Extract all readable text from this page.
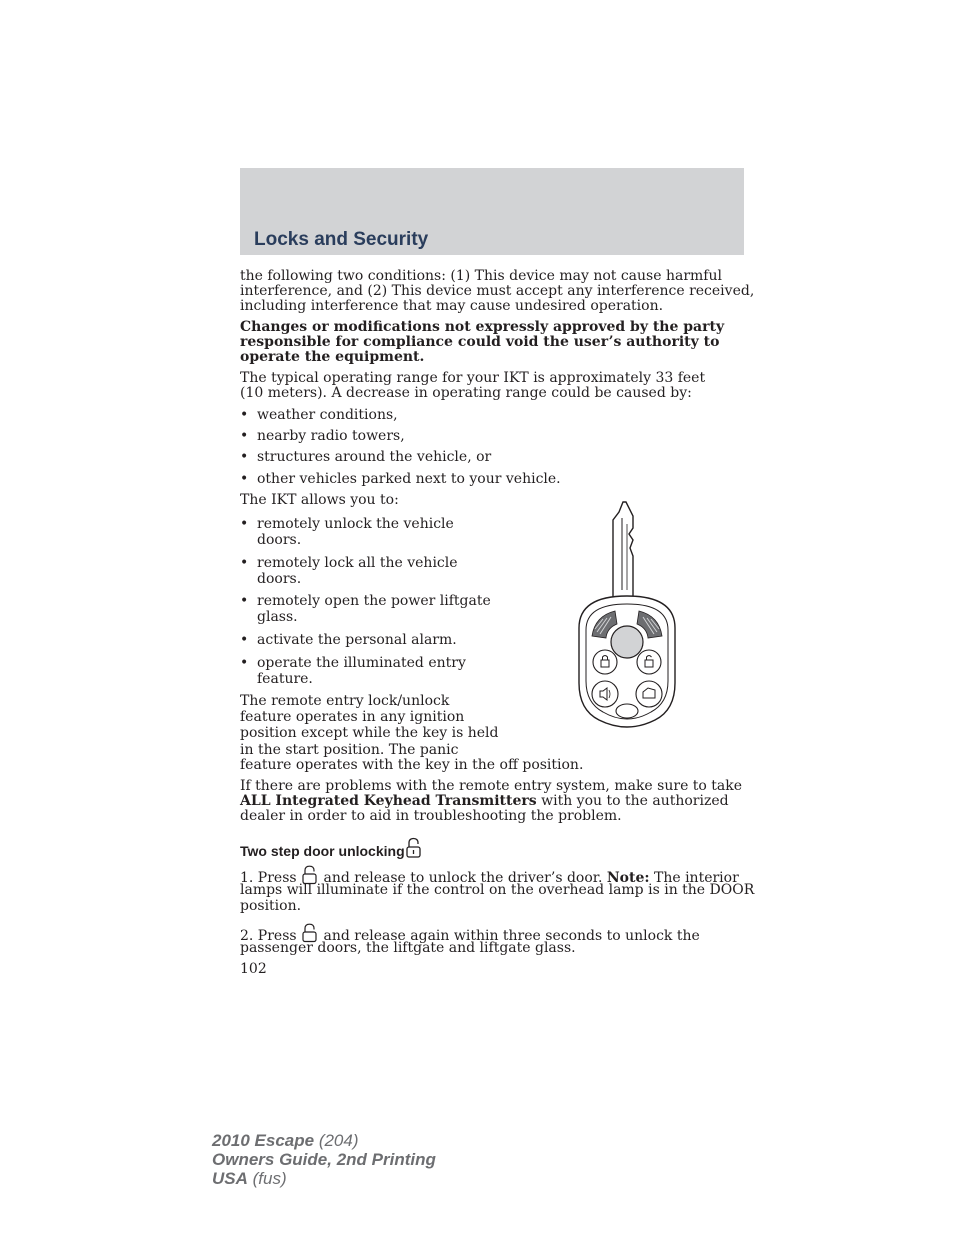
Locks and Security
the following two conditions: (1) This device may not cause harmful
interference, and (2) This device must accept any interference received,
including interference that may cause undesired operation.
Changes or modifications not expressly approved by the party
responsible for compliance could void the user’s authority to
operate the equipment.
The typical operating range for your IKT is approximately 33 feet
(10 meters). A decrease in operating range could be caused by:
• weather conditions,
• nearby radio towers,
• structures around the vehicle, or
• other vehicles parked next to your vehicle.
The IKT allows you to:
• remotely unlock the vehicle
doors.
• remotely lock all the vehicle
doors.
• remotely open the power liftgate
glass.
• activate the personal alarm.
• operate the illuminated entry
feature.
The remote entry lock/unlock
feature operates in any ignition
position except while the key is held
in the start position. The panic
feature operates with the key in the off position.
If there are problems with the remote entry system, make sure to take
ALL Integrated Keyhead Transmitters with you to the authorized
dealer in order to aid in troubleshooting the problem.
Two step door unlocking
1. Press  and release to unlock the driver’s door. Note: The interior
lamps will illuminate if the control on the overhead lamp is in the DOOR
position.
2. Press  and release again within three seconds to unlock the
passenger doors, the liftgate and liftgate glass.
102
2010 Escape (204)
Owners Guide, 2nd Printing
USA (fus)
